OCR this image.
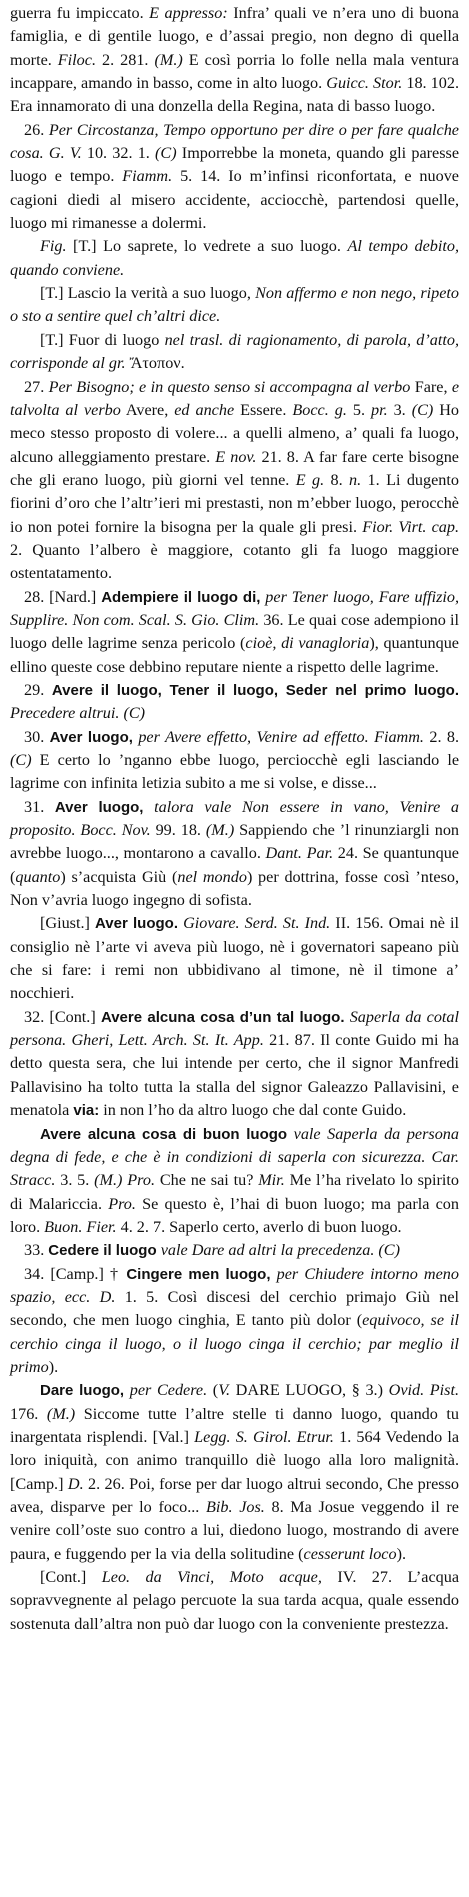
guerra fu impiccato. E appresso: Infra’ quali ve n’era uno di buona famiglia, e di gentile luogo, e d’assai pregio, non degno di quella morte. Filoc. 2. 281. (M.) E così porria lo folle nella mala ventura incappare, amando in basso, come in alto luogo. Guicc. Stor. 18. 102. Era innamorato di una donzella della Regina, nata di basso luogo.

26. Per Circostanza, Tempo opportuno per dire o per fare qualche cosa. G. V. 10. 32. 1. (C) Imporrebbe la moneta, quando gli paresse luogo e tempo. Fiamm. 5. 14. Io m’infinsi riconfortata, e nuove cagioni diedi al misero accidente, acciocchè, partendosi quelle, luogo mi rimanesse a dolermi.

Fig. [T.] Lo saprete, lo vedrete a suo luogo. Al tempo debito, quando conviene.

[T.] Lascio la verità a suo luogo, Non affermo e non nego, ripeto o sto a sentire quel ch’altri dice.

[T.] Fuor di luogo nel trasl. di ragionamento, di parola, d’atto, corrisponde al gr. Ἄτοπον.

27. Per Bisogno; e in questo senso si accompagna al verbo Fare, e talvolta al verbo Avere, ed anche Essere. Bocc. g. 5. pr. 3. (C) Ho meco stesso proposto di volere... a quelli almeno, a’ quali fa luogo, alcuno alleggiamento prestare. E nov. 21. 8. A far fare certe bisogne che gli erano luogo, più giorni vel tenne. E g. 8. n. 1. Li dugento fiorini d’oro che l’altr’ieri mi prestasti, non m’ebber luogo, perocchè io non potei fornire la bisogna per la quale gli presi. Fior. Virt. cap. 2. Quanto l’albero è maggiore, cotanto gli fa luogo maggiore ostentatamento.

28. [Nard.] Adempiere il luogo di, per Tener luogo, Fare uffizio, Supplire. Non com. Scal. S. Gio. Clim. 36. Le quai cose adempiono il luogo delle lagrime senza pericolo (cioè, di vanagloria), quantunque ellino queste cose debbino reputare niente a rispetto delle lagrime.

29. Avere il luogo, Tener il luogo, Seder nel primo luogo. Precedere altrui. (C)

30. Aver luogo, per Avere effetto, Venire ad effetto. Fiamm. 2. 8. (C) E certo lo ’nganno ebbe luogo, perciocchè egli lasciando le lagrime con infinita letizia subito a me si volse, e disse...

31. Aver luogo, talora vale Non essere in vano, Venire a proposito. Bocc. Nov. 99. 18. (M.) Sappiendo che ’l rinunziargli non avrebbe luogo..., montarono a cavallo. Dant. Par. 24. Se quantunque (quanto) s’acquista Giù (nel mondo) per dottrina, fosse così ’nteso, Non v’avria luogo ingegno di sofista.

[Giust.] Aver luogo. Giovare. Serd. St. Ind. II. 156. Omai nè il consiglio nè l’arte vi aveva più luogo, nè i governatori sapeano più che si fare: i remi non ubbidivano al timone, nè il timone a’ nocchieri.

32. [Cont.] Avere alcuna cosa d’un tal luogo. Saperla da cotal persona. Gheri, Lett. Arch. St. It. App. 21. 87. Il conte Guido mi ha detto questa sera, che lui intende per certo, che il signor Manfredi Pallavisino ha tolto tutta la stalla del signor Galeazzo Pallavisini, e menatola via: in non l’ho da altro luogo che dal conte Guido.

Avere alcuna cosa di buon luogo vale Saperla da persona degna di fede, e che è in condizioni di saperla con sicurezza. Car. Stracc. 3. 5. (M.) Pro. Che ne sai tu? Mir. Me l’ha rivelato lo spirito di Malariccia. Pro. Se questo è, l’hai di buon luogo; ma parla con loro. Buon. Fier. 4. 2. 7. Saperlo certo, averlo di buon luogo.

33. Cedere il luogo vale Dare ad altri la precedenza. (C)

34. [Camp.] † Cingere men luogo, per Chiudere intorno meno spazio, ecc. D. 1. 5. Così discesi del cerchio primajo Giù nel secondo, che men luogo cinghia, E tanto più dolor (equivoco, se il cerchio cinga il luogo, o il luogo cinga il cerchio; par meglio il primo).

Dare luogo, per Cedere. (V. DARE LUOGO, § 3.) Ovid. Pist. 176. (M.) Siccome tutte l’altre stelle ti danno luogo, quando tu inargentata risplendi. [Val.] Legg. S. Girol. Etrur. 1. 564 Vedendo la loro iniquità, con animo tranquillo diè luogo alla loro malignità. [Camp.] D. 2. 26. Poi, forse per dar luogo altrui secondo, Che presso avea, disparve per lo foco... Bib. Jos. 8. Ma Josue veggendo il re venire coll’oste suo contro a lui, diedono luogo, mostrando di avere paura, e fuggendo per la via della solitudine (cesserunt loco).

[Cont.] Leo. da Vinci, Moto acque, IV. 27. L’acqua sopravvegnente al pelago percuote la sua tarda acqua, quale essendo sostenuta dall’altra non può dar luogo con la conveniente prestezza.
